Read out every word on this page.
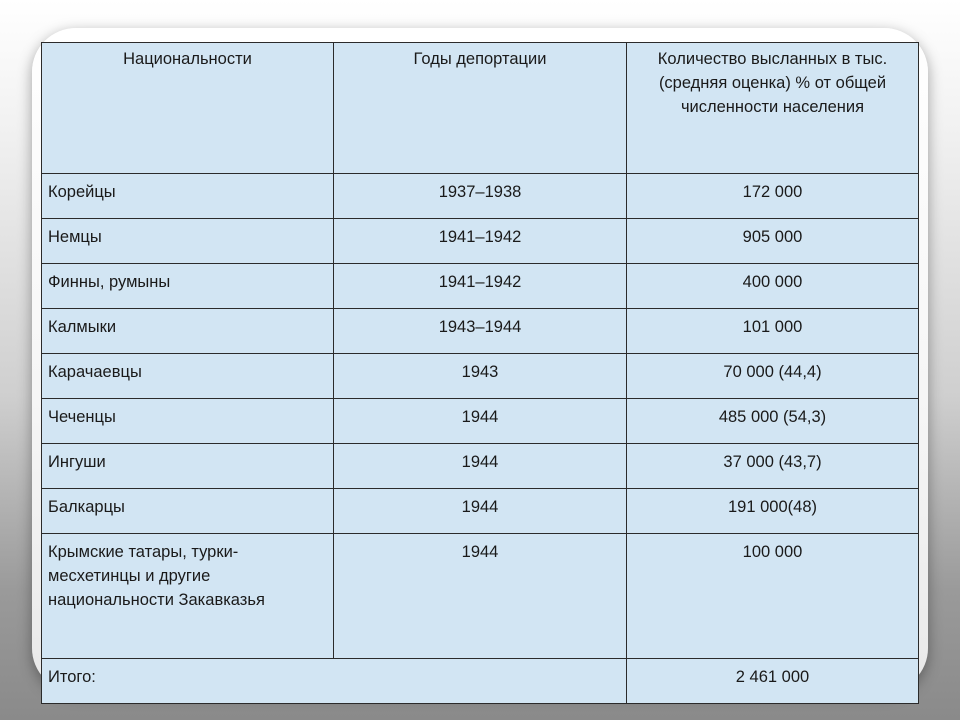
Национальности	Годы депортации	Количество высланных в тыс. (средняя оценка) % от общей численности населения

Корейцы	1937–1938	172 000
Немцы	1941–1942	905 000
Финны, румыны	1941–1942	400 000
Калмыки	1943–1944	101 000
Карачаевцы	1943	70 000 (44,4)
Чеченцы	1944	485 000 (54,3)
Ингуши	1944	37 000 (43,7)
Балкарцы	1944	191 000(48)
Крымские татары, турки-месхетинцы и другие национальности Закавказья	1944	100 000
Итого:		2 461 000
